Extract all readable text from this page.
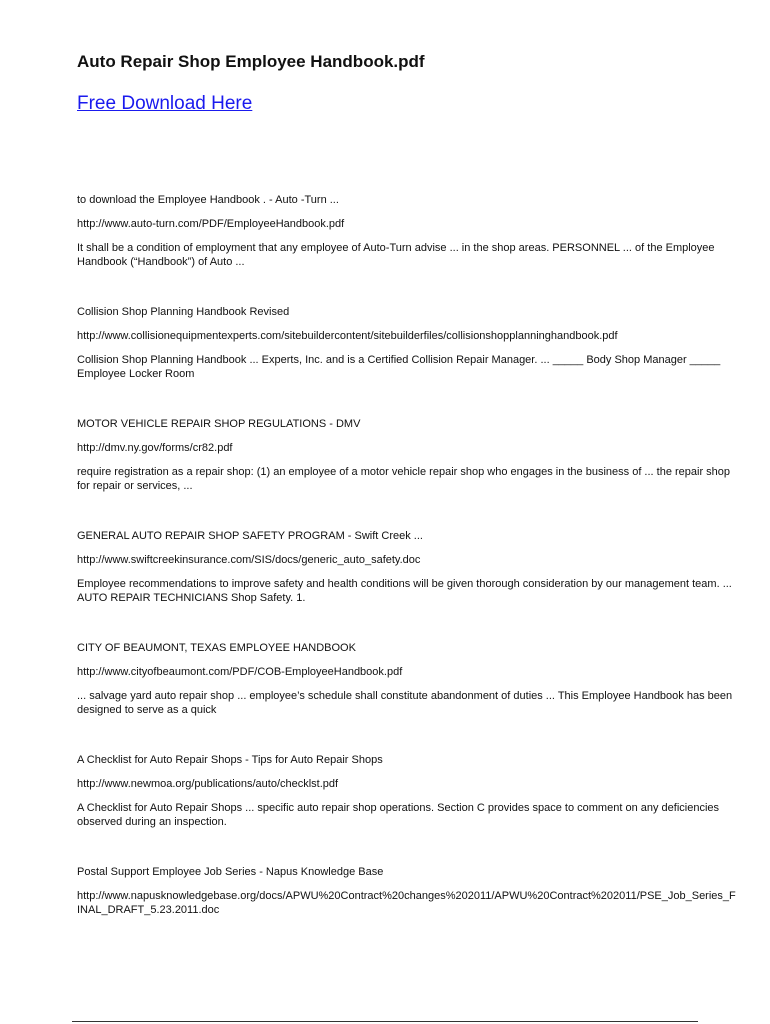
Auto Repair Shop Employee Handbook.pdf
Free Download Here

to download the Employee Handbook . - Auto -Turn ...

http://www.auto-turn.com/PDF/EmployeeHandbook.pdf

It shall be a condition of employment that any employee of Auto-Turn advise ... in the shop areas. PERSONNEL ... of the Employee Handbook (“Handbook”) of Auto ...

Collision Shop Planning Handbook Revised

http://www.collisionequipmentexperts.com/sitebuildercontent/sitebuilderfiles/collisionshopplanninghandbook.pdf

Collision Shop Planning Handbook ... Experts, Inc. and is a Certified Collision Repair Manager. ... _____ Body Shop Manager _____ Employee Locker Room

MOTOR VEHICLE REPAIR SHOP REGULATIONS - DMV

http://dmv.ny.gov/forms/cr82.pdf

require registration as a repair shop: (1) an employee of a motor vehicle repair shop who engages in the business of ... the repair shop for repair or services, ...

GENERAL AUTO REPAIR SHOP SAFETY PROGRAM - Swift Creek ...

http://www.swiftcreekinsurance.com/SIS/docs/generic_auto_safety.doc

Employee recommendations to improve safety and health conditions will be given thorough consideration by our management team. ... AUTO REPAIR TECHNICIANS Shop Safety. 1.

CITY OF BEAUMONT, TEXAS EMPLOYEE HANDBOOK

http://www.cityofbeaumont.com/PDF/COB-EmployeeHandbook.pdf

... salvage yard auto repair shop ... employee’s schedule shall constitute abandonment of duties ... This Employee Handbook has been designed to serve as a quick

A Checklist for Auto Repair Shops - Tips for Auto Repair Shops

http://www.newmoa.org/publications/auto/checklst.pdf

A Checklist for Auto Repair Shops ... specific auto repair shop operations. Section C provides space to comment on any deficiencies observed during an inspection.

Postal Support Employee Job Series - Napus Knowledge Base

http://www.napusknowledgebase.org/docs/APWU%20Contract%20changes%202011/APWU%20Contract%202011/PSE_Job_Series_FINAL_DRAFT_5.23.2011.doc
